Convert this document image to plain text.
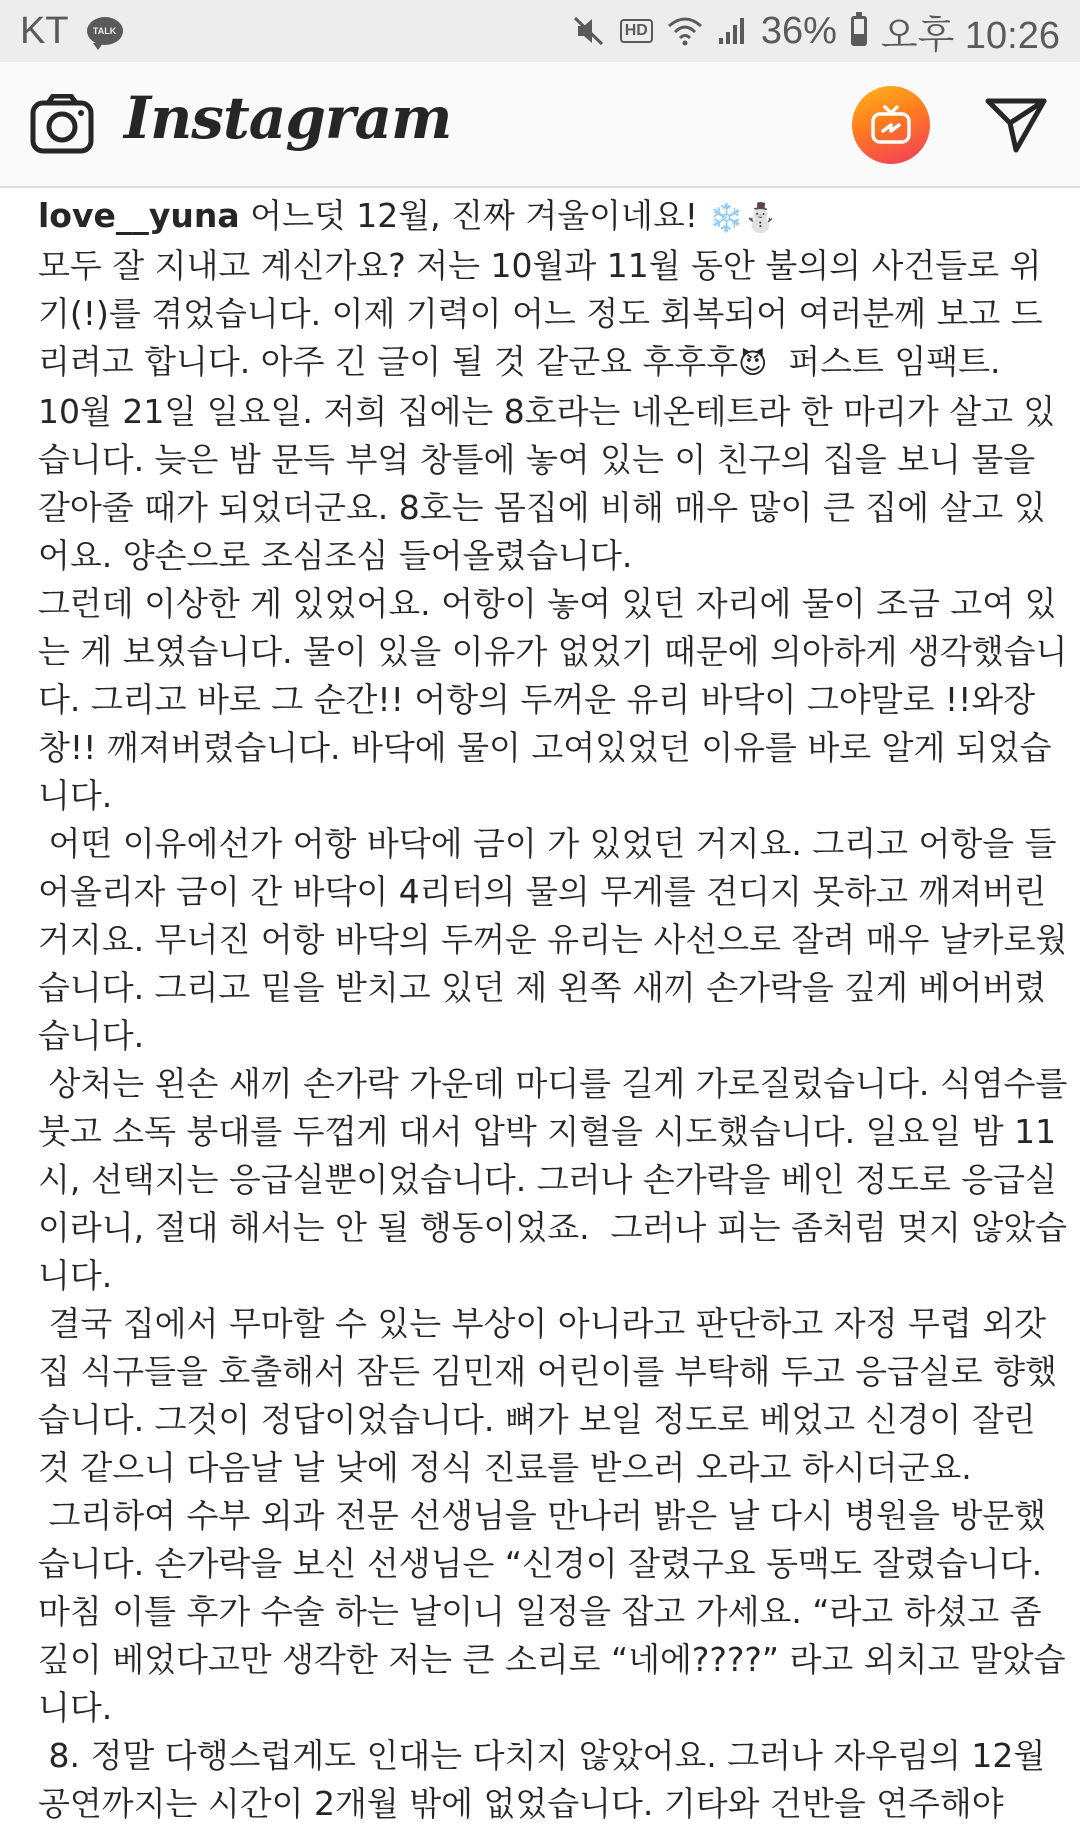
KT	TALK	HD	36% 오후 10:26
Instagram

love__yuna 어느덧 12월, 진짜 겨울이네요! ❄️⛄

모두 잘 지내고 계신가요? 저는 10월과 11월 동안 불의의 사건들로 위기(!)를 겪었습니다. 이제 기력이 어느 정도 회복되어 여러분께 보고 드리려고 합니다. 아주 긴 글이 될 것 같군요 후후후😈  퍼스트 임팩트.

10월 21일 일요일. 저희 집에는 8호라는 네온테트라 한 마리가 살고 있습니다. 늦은 밤 문득 부엌 창틀에 놓여 있는 이 친구의 집을 보니 물을 갈아줄 때가 되었더군요. 8호는 몸집에 비해 매우 많이 큰 집에 살고 있어요. 양손으로 조심조심 들어올렸습니다.

그런데 이상한 게 있었어요. 어항이 놓여 있던 자리에 물이 조금 고여 있는 게 보였습니다. 물이 있을 이유가 없었기 때문에 의아하게 생각했습니다. 그리고 바로 그 순간!! 어항의 두꺼운 유리 바닥이 그야말로 !!와장창!! 깨져버렸습니다. 바닥에 물이 고여있었던 이유를 바로 알게 되었습니다.

어떤 이유에선가 어항 바닥에 금이 가 있었던 거지요. 그리고 어항을 들어올리자 금이 간 바닥이 4리터의 물의 무게를 견디지 못하고 깨져버린 거지요. 무너진 어항 바닥의 두꺼운 유리는 사선으로 잘려 매우 날카로웠습니다. 그리고 밑을 받치고 있던 제 왼쪽 새끼 손가락을 깊게 베어버렸습니다.

상처는 왼손 새끼 손가락 가운데 마디를 길게 가로질렀습니다. 식염수를 붓고 소독 붕대를 두껍게 대서 압박 지혈을 시도했습니다. 일요일 밤 11시, 선택지는 응급실뿐이었습니다. 그러나 손가락을 베인 정도로 응급실이라니, 절대 해서는 안 될 행동이었죠.  그러나 피는 좀처럼 멎지 않았습니다.

결국 집에서 무마할 수 있는 부상이 아니라고 판단하고 자정 무렵 외갓집 식구들을 호출해서 잠든 김민재 어린이를 부탁해 두고 응급실로 향했습니다. 그것이 정답이었습니다. 뼈가 보일 정도로 베었고 신경이 잘린 것 같으니 다음날 날 낮에 정식 진료를 받으러 오라고 하시더군요.

그리하여 수부 외과 전문 선생님을 만나러 밝은 날 다시 병원을 방문했습니다. 손가락을 보신 선생님은 “신경이 잘렸구요 동맥도 잘렸습니다. 마침 이틀 후가 수술 하는 날이니 일정을 잡고 가세요. “라고 하셨고 좀 깊이 베었다고만 생각한 저는 큰 소리로 “네에????” 라고 외치고 말았습니다.

8. 정말 다행스럽게도 인대는 다치지 않았어요. 그러나 자우림의 12월 공연까지는 시간이 2개월 밖에 없었습니다. 기타와 건반을 연주해야
